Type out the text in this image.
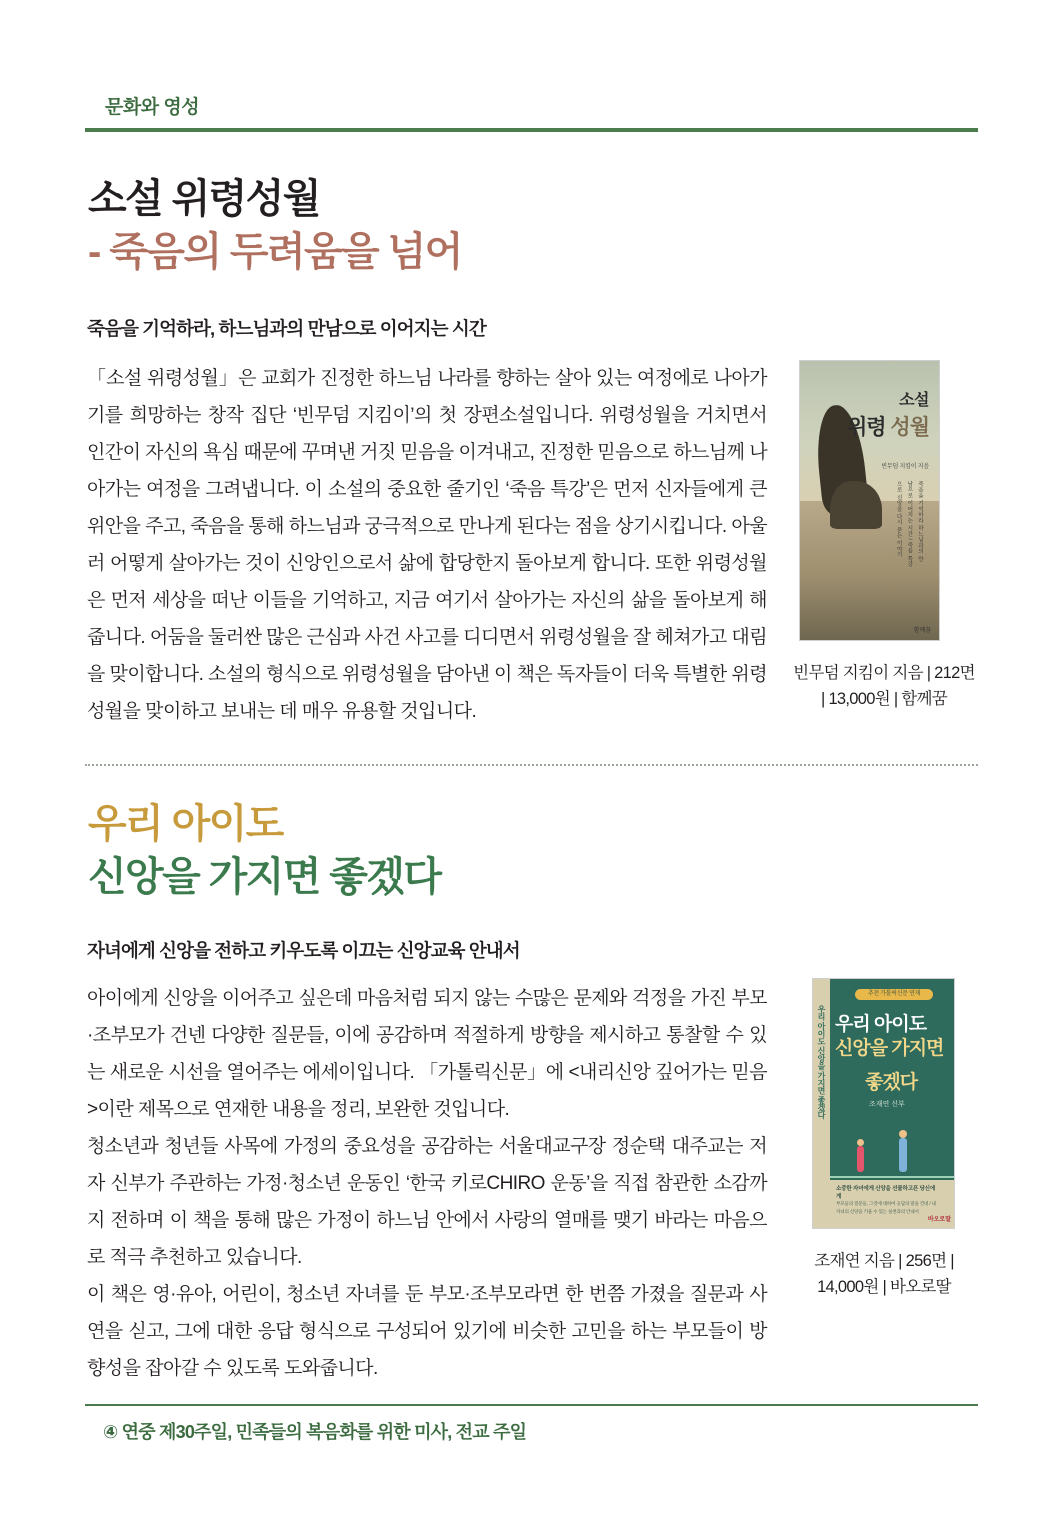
문화와 영성
소설 위령성월
- 죽음의 두려움을 넘어
죽음을 기억하라, 하느님과의 만남으로 이어지는 시간
「소설 위령성월」은 교회가 진정한 하느님 나라를 향하는 살아 있는 여정에로 나아가기를 희망하는 창작 집단 ‘빈무덤 지킴이’의 첫 장편소설입니다. 위령성월을 거치면서 인간이 자신의 욕심 때문에 꾸며낸 거짓 믿음을 이겨내고, 진정한 믿음으로 하느님께 나아가는 여정을 그려냅니다. 이 소설의 중요한 줄기인 ‘죽음 특강’은 먼저 신자들에게 큰 위안을 주고, 죽음을 통해 하느님과 궁극적으로 만나게 된다는 점을 상기시킵니다. 아울러 어떻게 살아가는 것이 신앙인으로서 삶에 합당한지 돌아보게 합니다. 또한 위령성월은 먼저 세상을 떠난 이들을 기억하고, 지금 여기서 살아가는 자신의 삶을 돌아보게 해줍니다. 어둠을 둘러싼 많은 근심과 사건 사고를 디디면서 위령성월을 잘 헤쳐가고 대림을 맞이합니다. 소설의 형식으로 위령성월을 담아낸 이 책은 독자들이 더욱 특별한 위령성월을 맞이하고 보내는 데 매우 유용할 것입니다.
소설
위령 성월
빈무덤 지킴이 지음
죽음을 기억하라 하느님과의 만남으로 이어지는 시간 / 죽음 특강으로 신앙을 다시 묻는 이야기
함께꿈
빈무덤 지킴이 지음 | 212면 | 13,000원 | 함께꿈
우리 아이도
신앙을 가지면 좋겠다
자녀에게 신앙을 전하고 키우도록 이끄는 신앙교육 안내서

아이에게 신앙을 이어주고 싶은데 마음처럼 되지 않는 수많은 문제와 걱정을 가진 부모·조부모가 건넨 다양한 질문들, 이에 공감하며 적절하게 방향을 제시하고 통찰할 수 있는 새로운 시선을 열어주는 에세이입니다. 「가톨릭신문」에 <내리신앙 깊어가는 믿음>이란 제목으로 연재한 내용을 정리, 보완한 것입니다.

청소년과 청년들 사목에 가정의 중요성을 공감하는 서울대교구장 정순택 대주교는 저자 신부가 주관하는 가정·청소년 운동인 ‘한국 키로CHIRO 운동’을 직접 참관한 소감까지 전하며 이 책을 통해 많은 가정이 하느님 안에서 사랑의 열매를 맺기 바라는 마음으로 적극 추천하고 있습니다.

이 책은 영·유아, 어린이, 청소년 자녀를 둔 부모·조부모라면 한 번쯤 가졌을 질문과 사연을 싣고, 그에 대한 응답 형식으로 구성되어 있기에 비슷한 고민을 하는 부모들이 방향성을 잡아갈 수 있도록 도와줍니다.

우리 아이도 신앙을 가지면 좋겠다
추천 가톨릭신문 연재
우리 아이도
신앙을 가지면
좋겠다
조재연 신부
소중한 자녀에게 신앙을 선물하고픈 당신에게
부모들의 질문들, 그것에 대하여 응답의 말을 건네 / 내 자녀의 신앙을 키울 수 있는 실천과의 안내서
바오로딸
조재연 지음 | 256면 | 14,000원 | 바오로딸
④ 연중 제30주일, 민족들의 복음화를 위한 미사, 전교 주일
